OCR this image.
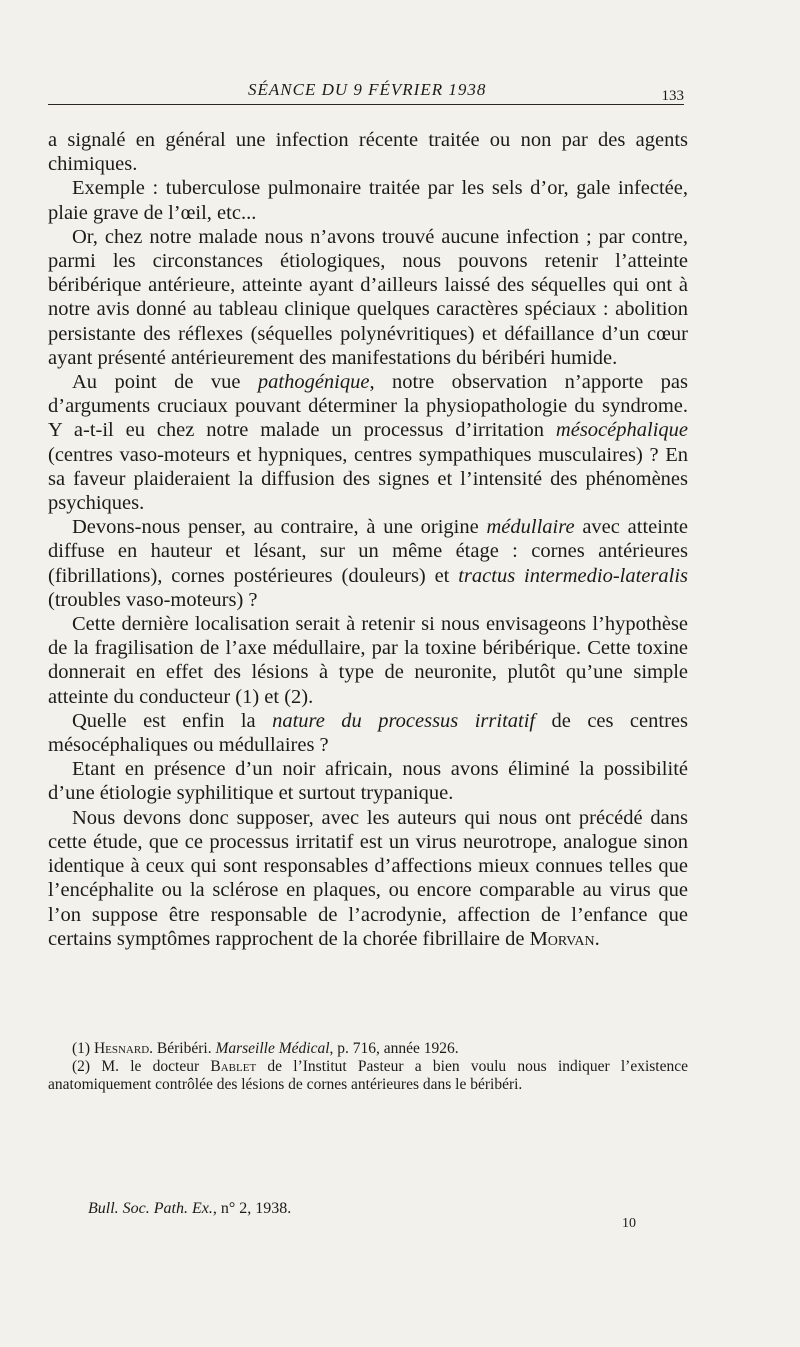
SÉANCE DU 9 FÉVRIER 1938	133

a signalé en général une infection récente traitée ou non par des agents chimiques.

Exemple : tuberculose pulmonaire traitée par les sels d’or, gale infectée, plaie grave de l’œil, etc...

Or, chez notre malade nous n’avons trouvé aucune infection ; par contre, parmi les circonstances étiologiques, nous pouvons retenir l’atteinte béribérique antérieure, atteinte ayant d’ailleurs laissé des séquelles qui ont à notre avis donné au tableau clinique quelques caractères spéciaux : abolition persistante des réflexes (séquelles polynévritiques) et défaillance d’un cœur ayant présenté antérieurement des manifestations du béribéri humide.

Au point de vue pathogénique, notre observation n’apporte pas d’arguments cruciaux pouvant déterminer la physiopathologie du syndrome. Y a-t-il eu chez notre malade un processus d’irritation mésocéphalique (centres vaso-moteurs et hypniques, centres sympathiques musculaires) ? En sa faveur plaideraient la diffusion des signes et l’intensité des phénomènes psychiques.

Devons-nous penser, au contraire, à une origine médullaire avec atteinte diffuse en hauteur et lésant, sur un même étage : cornes antérieures (fibrillations), cornes postérieures (douleurs) et tractus intermedio-lateralis (troubles vaso-moteurs) ?

Cette dernière localisation serait à retenir si nous envisageons l’hypothèse de la fragilisation de l’axe médullaire, par la toxine béribérique. Cette toxine donnerait en effet des lésions à type de neuronite, plutôt qu’une simple atteinte du conducteur (1) et (2).

Quelle est enfin la nature du processus irritatif de ces centres mésocéphaliques ou médullaires ?

Etant en présence d’un noir africain, nous avons éliminé la possibilité d’une étiologie syphilitique et surtout trypanique.

Nous devons donc supposer, avec les auteurs qui nous ont précédé dans cette étude, que ce processus irritatif est un virus neurotrope, analogue sinon identique à ceux qui sont responsables d’affections mieux connues telles que l’encéphalite ou la sclérose en plaques, ou encore comparable au virus que l’on suppose être responsable de l’acrodynie, affection de l’enfance que certains symptômes rapprochent de la chorée fibrillaire de Morvan.

(1) Hesnard. Béribéri. Marseille Médical, p. 716, année 1926.

(2) M. le docteur Bablet de l’Institut Pasteur a bien voulu nous indiquer l’existence anatomiquement contrôlée des lésions de cornes antérieures dans le béribéri.

Bull. Soc. Path. Ex., n° 2, 1938.
10
